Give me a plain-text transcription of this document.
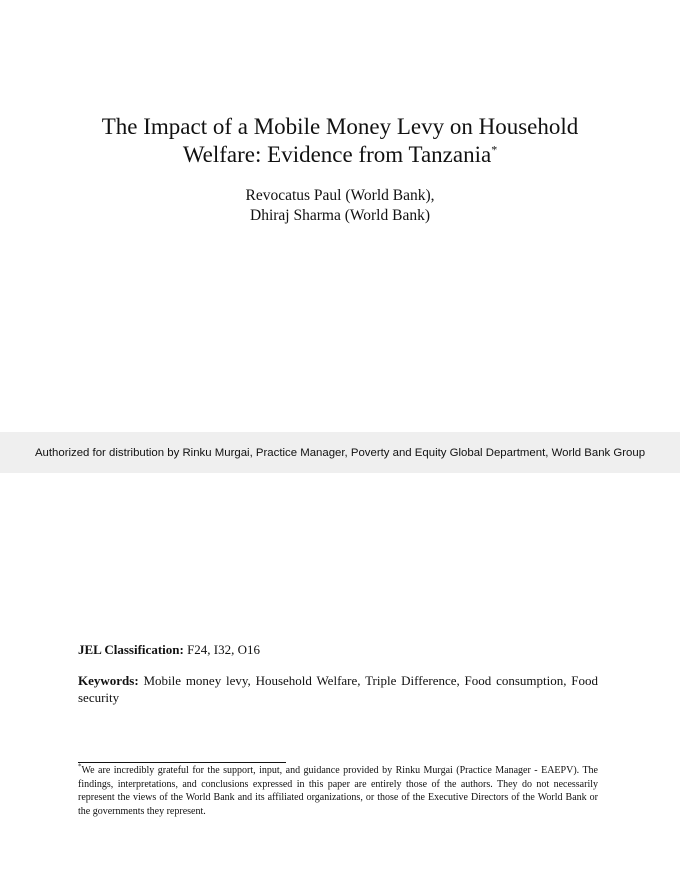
The Impact of a Mobile Money Levy on Household
Welfare: Evidence from Tanzania*
Revocatus Paul (World Bank),
Dhiraj Sharma (World Bank)
Authorized for distribution by Rinku Murgai, Practice Manager, Poverty and Equity Global Department, World Bank Group
JEL Classification: F24, I32, O16
Keywords: Mobile money levy, Household Welfare, Triple Difference, Food consumption, Food security
*We are incredibly grateful for the support, input, and guidance provided by Rinku Murgai (Practice Manager - EAEPV). The findings, interpretations, and conclusions expressed in this paper are entirely those of the authors. They do not necessarily represent the views of the World Bank and its affiliated organizations, or those of the Executive Directors of the World Bank or the governments they represent.
